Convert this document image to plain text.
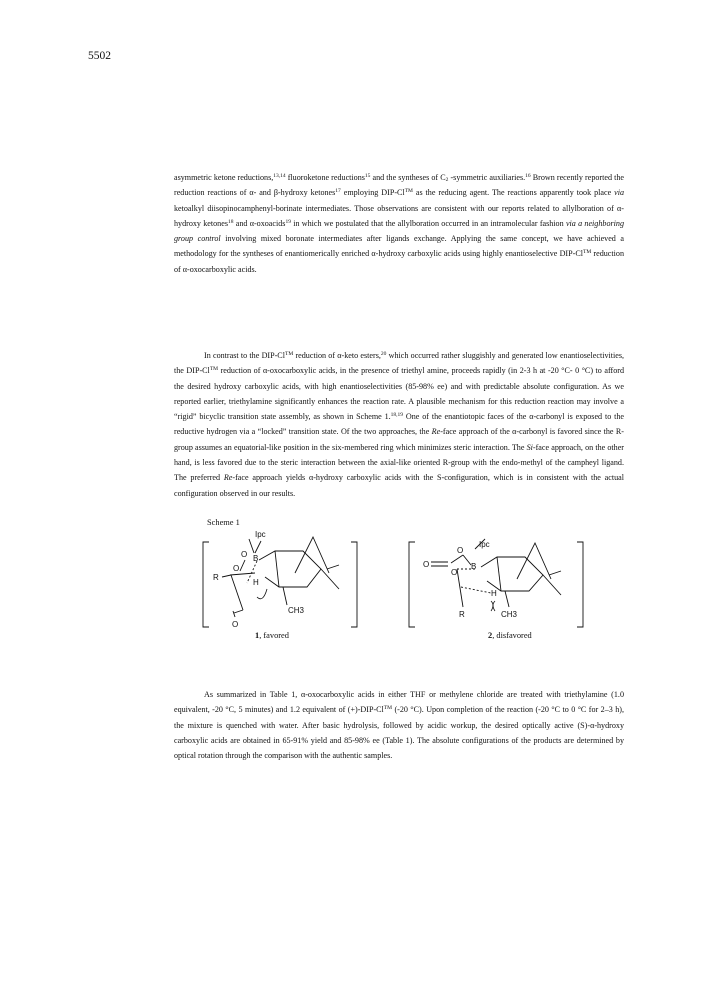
5502

asymmetric ketone reductions,$^{13,14}$ fluoroketone reductions$^{15}$ and the syntheses of $C_2$ -symmetric auxiliaries.$^{16}$ Brown recently reported the reduction reactions of α- and β-hydroxy ketones$^{17}$ employing DIP-Cl™ as the reducing agent. The reactions apparently took place via ketoalkyl diisopinocamphenyl-borinate intermediates. Those observations are consistent with our reports related to allylboration of α-hydroxy ketones$^{18}$ and α-oxoacids$^{19}$ in which we postulated that the allylboration occurred in an intramolecular fashion via a neighboring group control involving mixed boronate intermediates after ligands exchange. Applying the same concept, we have achieved a methodology for the syntheses of enantiomerically enriched α-hydroxy carboxylic acids using highly enantioselective DIP-Cl™ reduction of α-oxocarboxylic acids.

In contrast to the DIP-Cl™ reduction of α-keto esters,$^{20}$ which occurred rather sluggishly and generated low enantioselectivities, the DIP-Cl™ reduction of α-oxocarboxylic acids, in the presence of triethyl amine, proceeds rapidly (in 2-3 h at -20 °C- 0 °C) to afford the desired hydroxy carboxylic acids, with high enantioselectivities (85-98% ee) and with predictable absolute configuration. As we reported earlier, triethylamine significantly enhances the reaction rate. A plausible mechanism for this reduction reaction may involve a “rigid” bicyclic transition state assembly, as shown in Scheme 1.$^{18,19}$ One of the enantiotopic faces of the α-carbonyl is exposed to the reductive hydrogen via a “locked” transition state. Of the two approaches, the Re-face approach of the α-carbonyl is favored since the R-group assumes an equatorial-like position in the six-membered ring which minimizes steric interaction. The Si-face approach, on the other hand, is less favored due to the steric interaction between the axial-like oriented R-group with the endo-methyl of the campheyl ligand. The preferred Re-face approach yields α-hydroxy carboxylic acids with the S-configuration, which is in consistent with the actual configuration observed in our results.

Scheme 1
Ipc
O B
O
R
H
CH3
O
O
O
Ipc
B
O
H
R	CH3
1, favored	2, disfavored

As summarized in Table 1, α-oxocarboxylic acids in either THF or methylene chloride are treated with triethylamine (1.0 equivalent, -20 °C, 5 minutes) and 1.2 equivalent of (+)-DIP-Cl™ (-20 °C). Upon completion of the reaction (-20 °C to 0 °C for 2–3 h), the mixture is quenched with water. After basic hydrolysis, followed by acidic workup, the desired optically active (S)-α-hydroxy carboxylic acids are obtained in 65-91% yield and 85-98% ee (Table 1). The absolute configurations of the products are determined by optical rotation through the comparison with the authentic samples.
